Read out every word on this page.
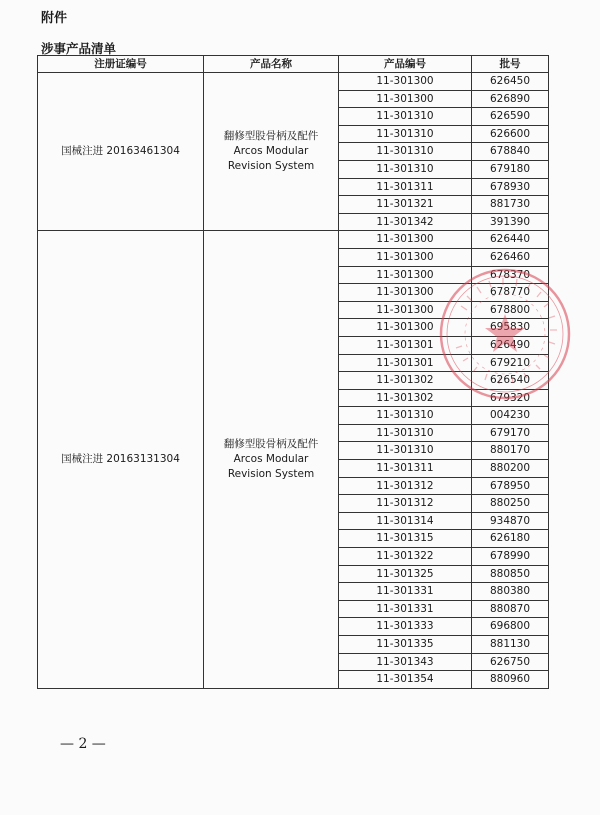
附件
涉事产品清单
注册证编号	产品名称	产品编号	批号
国械注进 20163461304	翻修型股骨柄及配件
Arcos Modular
Revision System	11-301300	626450
		11-301300	626890
		11-301310	626590
		11-301310	626600
		11-301310	678840
		11-301310	679180
		11-301311	678930
		11-301321	881730
		11-301342	391390
国械注进 20163131304	翻修型股骨柄及配件
Arcos Modular
Revision System	11-301300	626440
		11-301300	626460
		11-301300	678370
		11-301300	678770
		11-301300	678800
		11-301300	695830
		11-301301	626490
		11-301301	679210
		11-301302	626540
		11-301302	679320
		11-301310	004230
		11-301310	679170
		11-301310	880170
		11-301311	880200
		11-301312	678950
		11-301312	880250
		11-301314	934870
		11-301315	626180
		11-301322	678990
		11-301325	880850
		11-301331	880380
		11-301331	880870
		11-301333	696800
		11-301335	881130
		11-301343	626750
		11-301354	880960
— 2 —
